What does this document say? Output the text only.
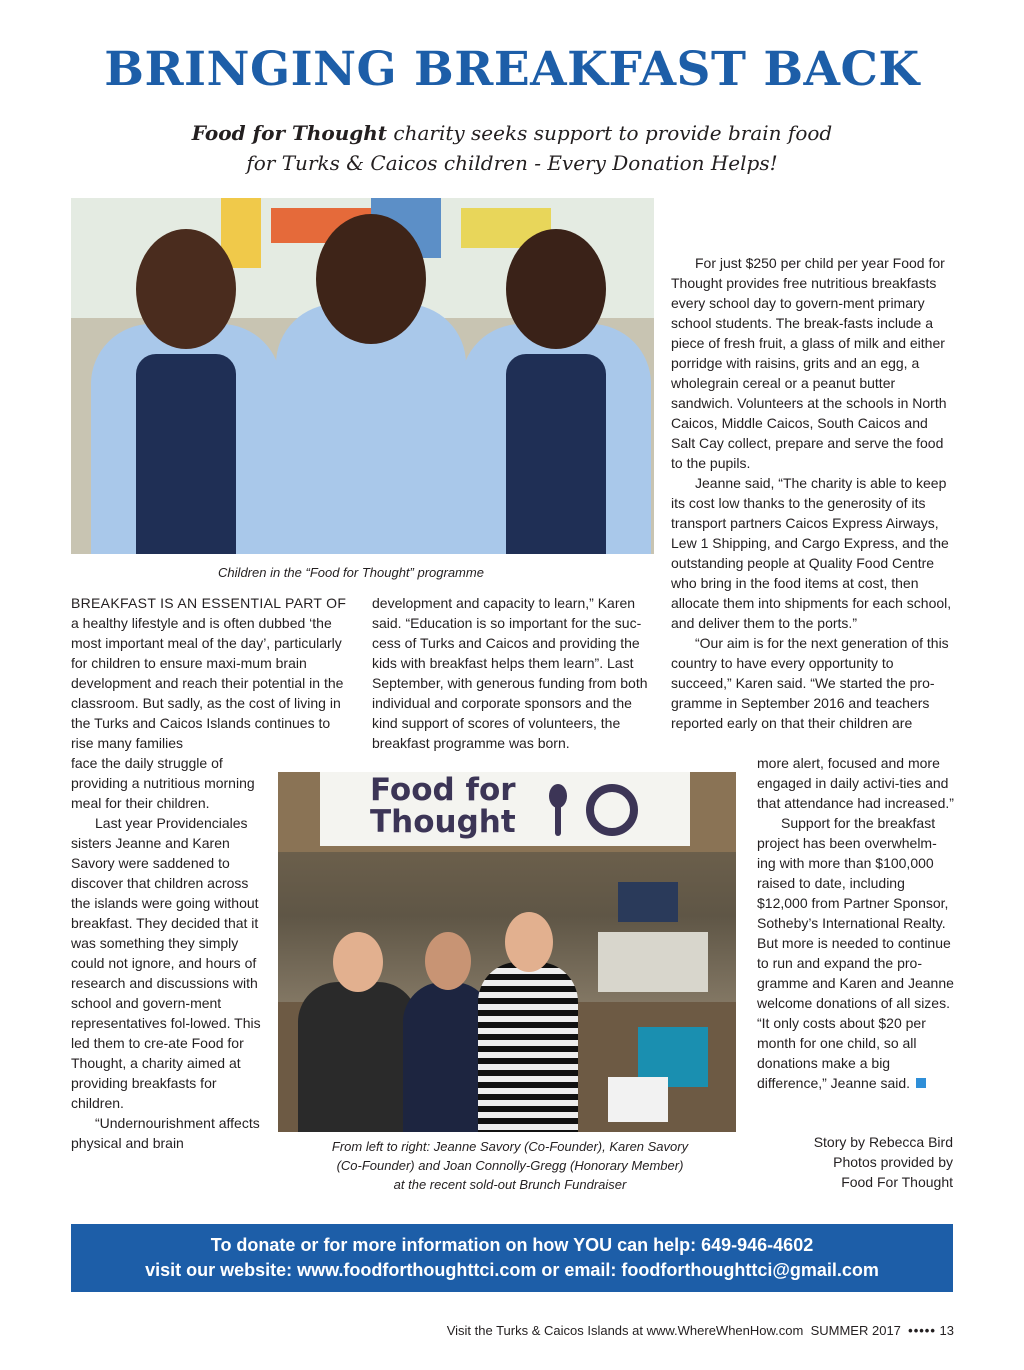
BRINGING BREAKFAST BACK
Food for Thought charity seeks support to provide brain food
for Turks & Caicos children - Every Donation Helps!
Children in the “Food for Thought” programme

BREAKFAST IS AN ESSENTIAL PART OF a healthy lifestyle and is often dubbed ‘the most important meal of the day’, particularly for children to ensure maxi-mum brain development and reach their potential in the classroom. But sadly, as the cost of living in the Turks and Caicos Islands continues to rise many families

face the daily struggle of providing a nutritious morning meal for their children.

Last year Providenciales sisters Jeanne and Karen Savory were saddened to discover that children across the islands were going without breakfast. They decided that it was something they simply could not ignore, and hours of research and discussions with school and govern-ment representatives fol-lowed. This led them to cre-ate Food for Thought, a charity aimed at providing breakfasts for children.

“Undernourishment affects physical and brain

development and capacity to learn,” Karen said. “Education is so important for the suc-cess of Turks and Caicos and providing the kids with breakfast helps them learn”. Last September, with generous funding from both individual and corporate sponsors and the kind support of scores of volunteers, the breakfast programme was born.

For just $250 per child per year Food for Thought provides free nutritious breakfasts every school day to govern-ment primary school students. The break-fasts include a piece of fresh fruit, a glass of milk and either porridge with raisins, grits and an egg, a wholegrain cereal or a peanut butter sandwich. Volunteers at the schools in North Caicos, Middle Caicos, South Caicos and Salt Cay collect, prepare and serve the food to the pupils.

Jeanne said, “The charity is able to keep its cost low thanks to the generosity of its transport partners Caicos Express Airways, Lew 1 Shipping, and Cargo Express, and the outstanding people at Quality Food Centre who bring in the food items at cost, then allocate them into shipments for each school, and deliver them to the ports.”

“Our aim is for the next generation of this country to have every opportunity to succeed,” Karen said. “We started the pro-gramme in September 2016 and teachers reported early on that their children are

more alert, focused and more engaged in daily activi-ties and that attendance had increased.”

Support for the breakfast project has been overwhelm-ing with more than $100,000 raised to date, including $12,000 from Partner Sponsor, Sotheby’s International Realty. But more is needed to continue to run and expand the pro-gramme and Karen and Jeanne welcome donations of all sizes. “It only costs about $20 per month for one child, so all donations make a big difference,” Jeanne said.

Food for
Thought
From left to right: Jeanne Savory (Co-Founder), Karen Savory
(Co-Founder) and Joan Connolly-Gregg (Honorary Member)
at the recent sold-out Brunch Fundraiser
Story by Rebecca Bird
Photos provided by
Food For Thought
To donate or for more information on how YOU can help: 649-946-4602
visit our website: www.foodforthoughttci.com or email: foodforthoughttci@gmail.com
Visit the Turks & Caicos Islands at www.WhereWhenHow.com SUMMER 2017 ••••• 13
